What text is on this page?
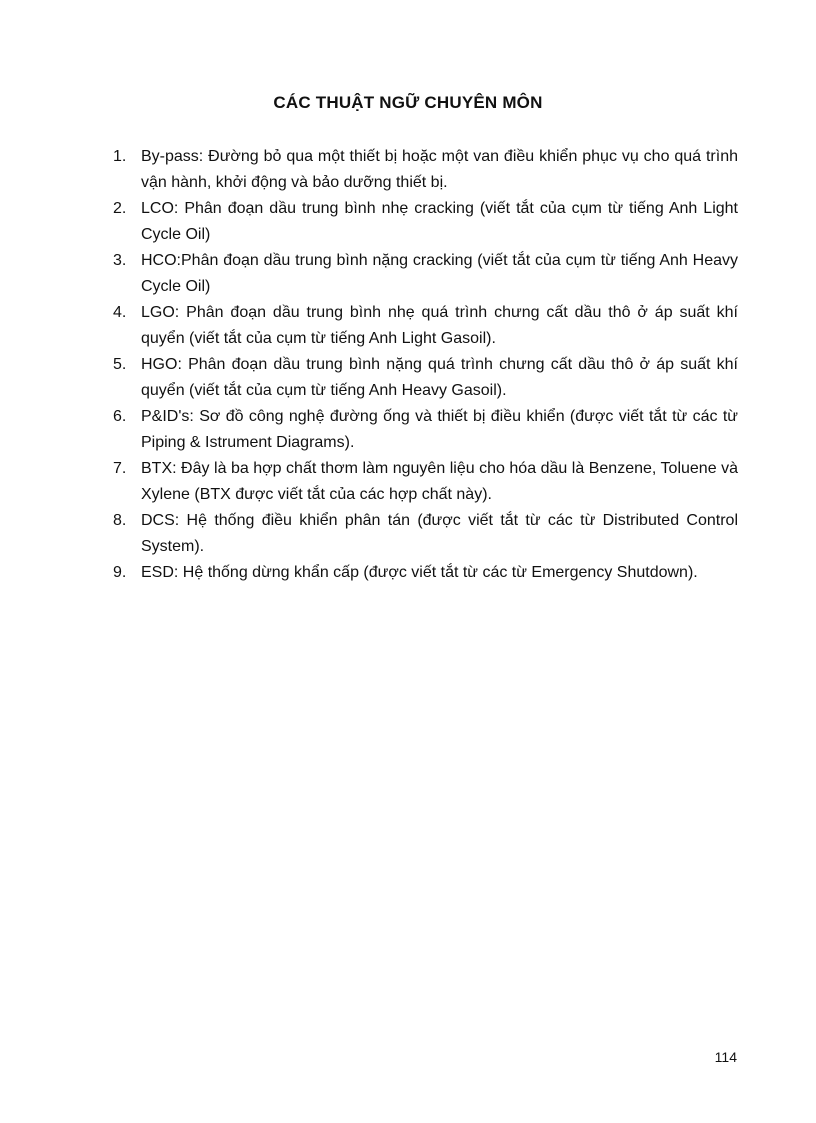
CÁC THUẬT NGỮ CHUYÊN MÔN
1. By-pass: Đường bỏ qua một thiết bị hoặc một van điều khiển phục vụ cho quá trình vận hành, khởi động và bảo dưỡng thiết bị.
2. LCO: Phân đoạn dầu trung bình nhẹ cracking (viết tắt của cụm từ tiếng Anh Light Cycle Oil)
3. HCO:Phân đoạn dầu trung bình nặng cracking (viết tắt của cụm từ tiếng Anh Heavy Cycle Oil)
4. LGO: Phân đoạn dầu trung bình nhẹ quá trình chưng cất dầu thô ở áp suất khí quyển (viết tắt của cụm từ tiếng Anh Light Gasoil).
5. HGO: Phân đoạn dầu trung bình nặng quá trình chưng cất dầu thô ở áp suất khí quyển (viết tắt của cụm từ tiếng Anh Heavy Gasoil).
6. P&ID's: Sơ đồ công nghệ đường ống và thiết bị điều khiển (được viết tắt từ các từ Piping & Istrument Diagrams).
7. BTX: Đây là ba hợp chất thơm làm nguyên liệu cho hóa dầu là Benzene, Toluene và Xylene (BTX được viết tắt của các hợp chất này).
8. DCS: Hệ thống điều khiển phân tán (được viết tắt từ các từ Distributed Control System).
9. ESD: Hệ thống dừng khẩn cấp (được viết tắt từ các từ Emergency Shutdown).
114
